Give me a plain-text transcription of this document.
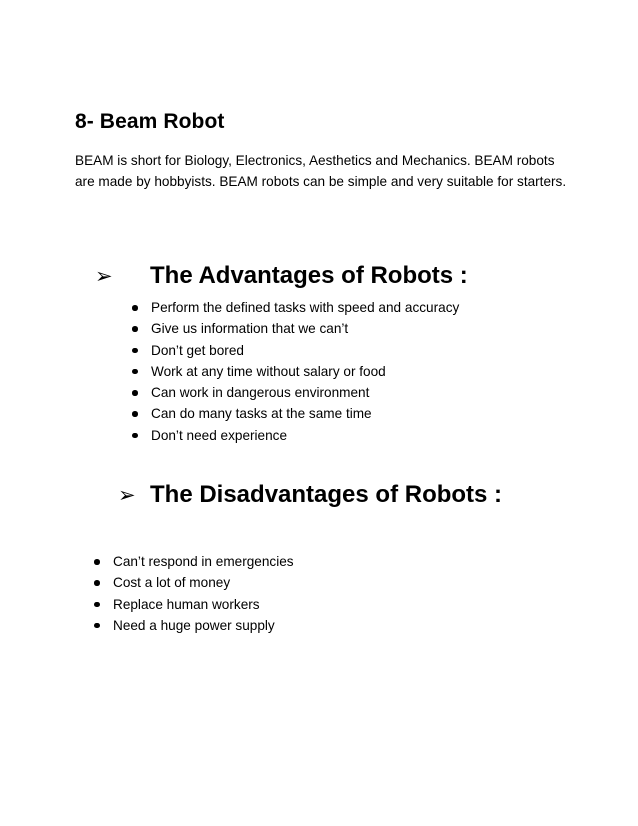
8- Beam Robot

BEAM is short for Biology, Electronics, Aesthetics and Mechanics. BEAM robots

are made by hobbyists. BEAM robots can be simple and very suitable for starters.

➢	The Advantages of Robots :
Perform the defined tasks with speed and accuracy
Give us information that we can’t
Don’t get bored
Work at any time without salary or food
Can work in dangerous environment
Can do many tasks at the same time
Don’t need experience
➢ The Disadvantages of Robots :
Can’t respond in emergencies
Cost a lot of money
Replace human workers
Need a huge power supply
